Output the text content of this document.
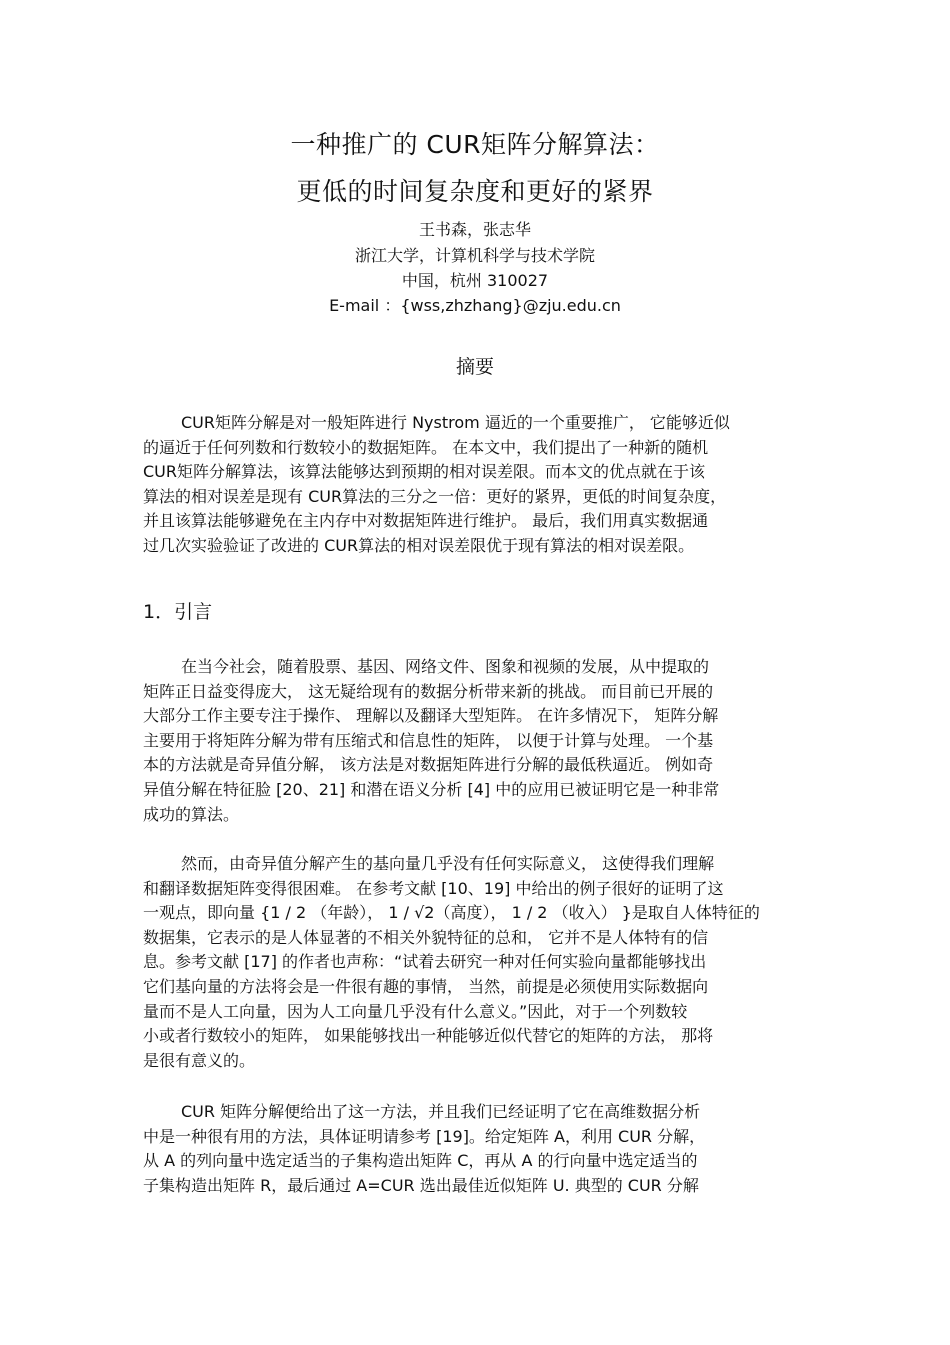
一种推广的 CUR矩阵分解算法：
更低的时间复杂度和更好的紧界
王书森，张志华
浙江大学，计算机科学与技术学院
中国，杭州 310027
E-mail ：{wss,zhzhang}@zju.edu.cn
摘要
CUR矩阵分解是对一般矩阵进行 Nystrom 逼近的一个重要推广， 它能够近似
的逼近于任何列数和行数较小的数据矩阵。 在本文中，我们提出了一种新的随机
CUR矩阵分解算法，该算法能够达到预期的相对误差限。而本文的优点就在于该
算法的相对误差是现有 CUR算法的三分之一倍：更好的紧界，更低的时间复杂度，
并且该算法能够避免在主内存中对数据矩阵进行维护。 最后，我们用真实数据通
过几次实验验证了改进的 CUR算法的相对误差限优于现有算法的相对误差限。
1．引言
在当今社会，随着股票、基因、网络文件、图象和视频的发展，从中提取的
矩阵正日益变得庞大， 这无疑给现有的数据分析带来新的挑战。 而目前已开展的
大部分工作主要专注于操作、 理解以及翻译大型矩阵。 在许多情况下， 矩阵分解
主要用于将矩阵分解为带有压缩式和信息性的矩阵， 以便于计算与处理。 一个基
本的方法就是奇异值分解， 该方法是对数据矩阵进行分解的最低秩逼近。 例如奇
异值分解在特征脸 [20、21] 和潜在语义分析 [4] 中的应用已被证明它是一种非常
成功的算法。
然而，由奇异值分解产生的基向量几乎没有任何实际意义， 这使得我们理解
和翻译数据矩阵变得很困难。 在参考文献 [10、19] 中给出的例子很好的证明了这
一观点，即向量 {1 / 2 （年龄）， 1 / √2（高度）， 1 / 2 （收入） }是取自人体特征的
数据集，它表示的是人体显著的不相关外貌特征的总和， 它并不是人体特有的信
息。参考文献 [17] 的作者也声称：“试着去研究一种对任何实验向量都能够找出
它们基向量的方法将会是一件很有趣的事情， 当然，前提是必须使用实际数据向
量而不是人工向量，因为人工向量几乎没有什么意义。”因此，对于一个列数较
小或者行数较小的矩阵， 如果能够找出一种能够近似代替它的矩阵的方法， 那将
是很有意义的。
CUR 矩阵分解便给出了这一方法，并且我们已经证明了它在高维数据分析
中是一种很有用的方法，具体证明请参考 [19]。给定矩阵 A，利用 CUR 分解，
从 A 的列向量中选定适当的子集构造出矩阵 C，再从 A 的行向量中选定适当的
子集构造出矩阵 R，最后通过 A=CUR 选出最佳近似矩阵 U. 典型的 CUR 分解
